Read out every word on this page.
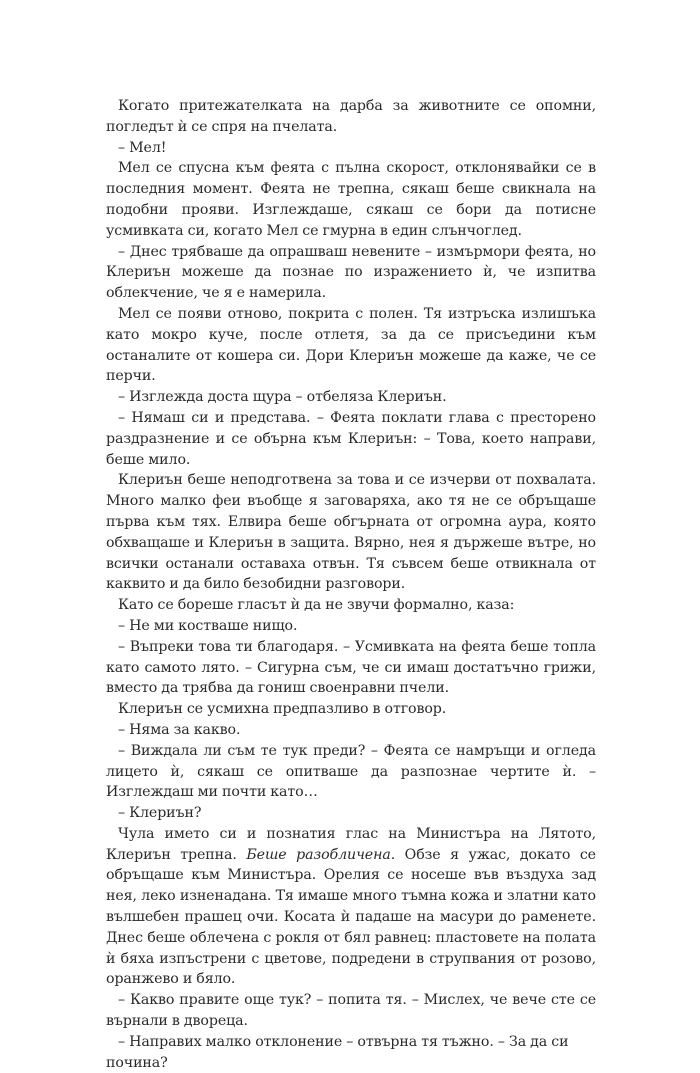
Когато притежателката на дарба за животните се опомни, погледът ѝ се спря на пчелата.

– Мел!

Мел се спусна към феята с пълна скорост, отклонявайки се в последния момент. Феята не трепна, сякаш беше свикнала на подобни прояви. Изглеждаше, сякаш се бори да потисне усмивката си, когато Мел се гмурна в един слънчоглед.

– Днес трябваше да опрашваш невените – измърмори феята, но Клериън можеше да познае по изражението ѝ, че изпитва облекчение, че я е намерила.

Мел се появи отново, покрита с полен. Тя изтръска излишъка като мокро куче, после отлетя, за да се присъедини към останалите от кошера си. Дори Клериън можеше да каже, че се перчи.

– Изглежда доста щура – отбеляза Клериън.

– Нямаш си и представа. – Феята поклати глава с престорено раздразнение и се обърна към Клериън: – Това, което направи, беше мило.

Клериън беше неподготвена за това и се изчерви от похвалата. Много малко феи въобще я заговаряха, ако тя не се обръщаше първа към тях. Елвира беше обгърната от огромна аура, която обхващаше и Клериън в защита. Вярно, нея я държеше вътре, но всички останали оставаха отвън. Тя съвсем беше отвикнала от каквито и да било безобидни разговори.

Като се бореше гласът ѝ да не звучи формално, каза:

– Не ми костваше нищо.

– Въпреки това ти благодаря. – Усмивката на феята беше топла като самото лято. – Сигурна съм, че си имаш достатъчно грижи, вместо да трябва да гониш своенравни пчели.

Клериън се усмихна предпазливо в отговор.

– Няма за какво.

– Виждала ли съм те тук преди? – Феята се намръщи и огледа лицето ѝ, сякаш се опитваше да разпознае чертите ѝ. – Изглеждаш ми почти като…

– Клериън?

Чула името си и познатия глас на Министъра на Лятото, Клериън трепна. Беше разобличена. Обзе я ужас, докато се обръщаше към Министъра. Орелия се носеше във въздуха зад нея, леко изненадана. Тя имаше много тъмна кожа и златни като вълшебен прашец очи. Косата ѝ падаше на масури до раменете. Днес беше облечена с рокля от бял равнец: пластовете на полата ѝ бяха изпъстрени с цветове, подредени в струпвания от розово, оранжево и бяло.

– Какво правите още тук? – попита тя. – Мислех, че вече сте се върнали в двореца.

– Направих малко отклонение – отвърна тя тъжно. – За да си почина?
